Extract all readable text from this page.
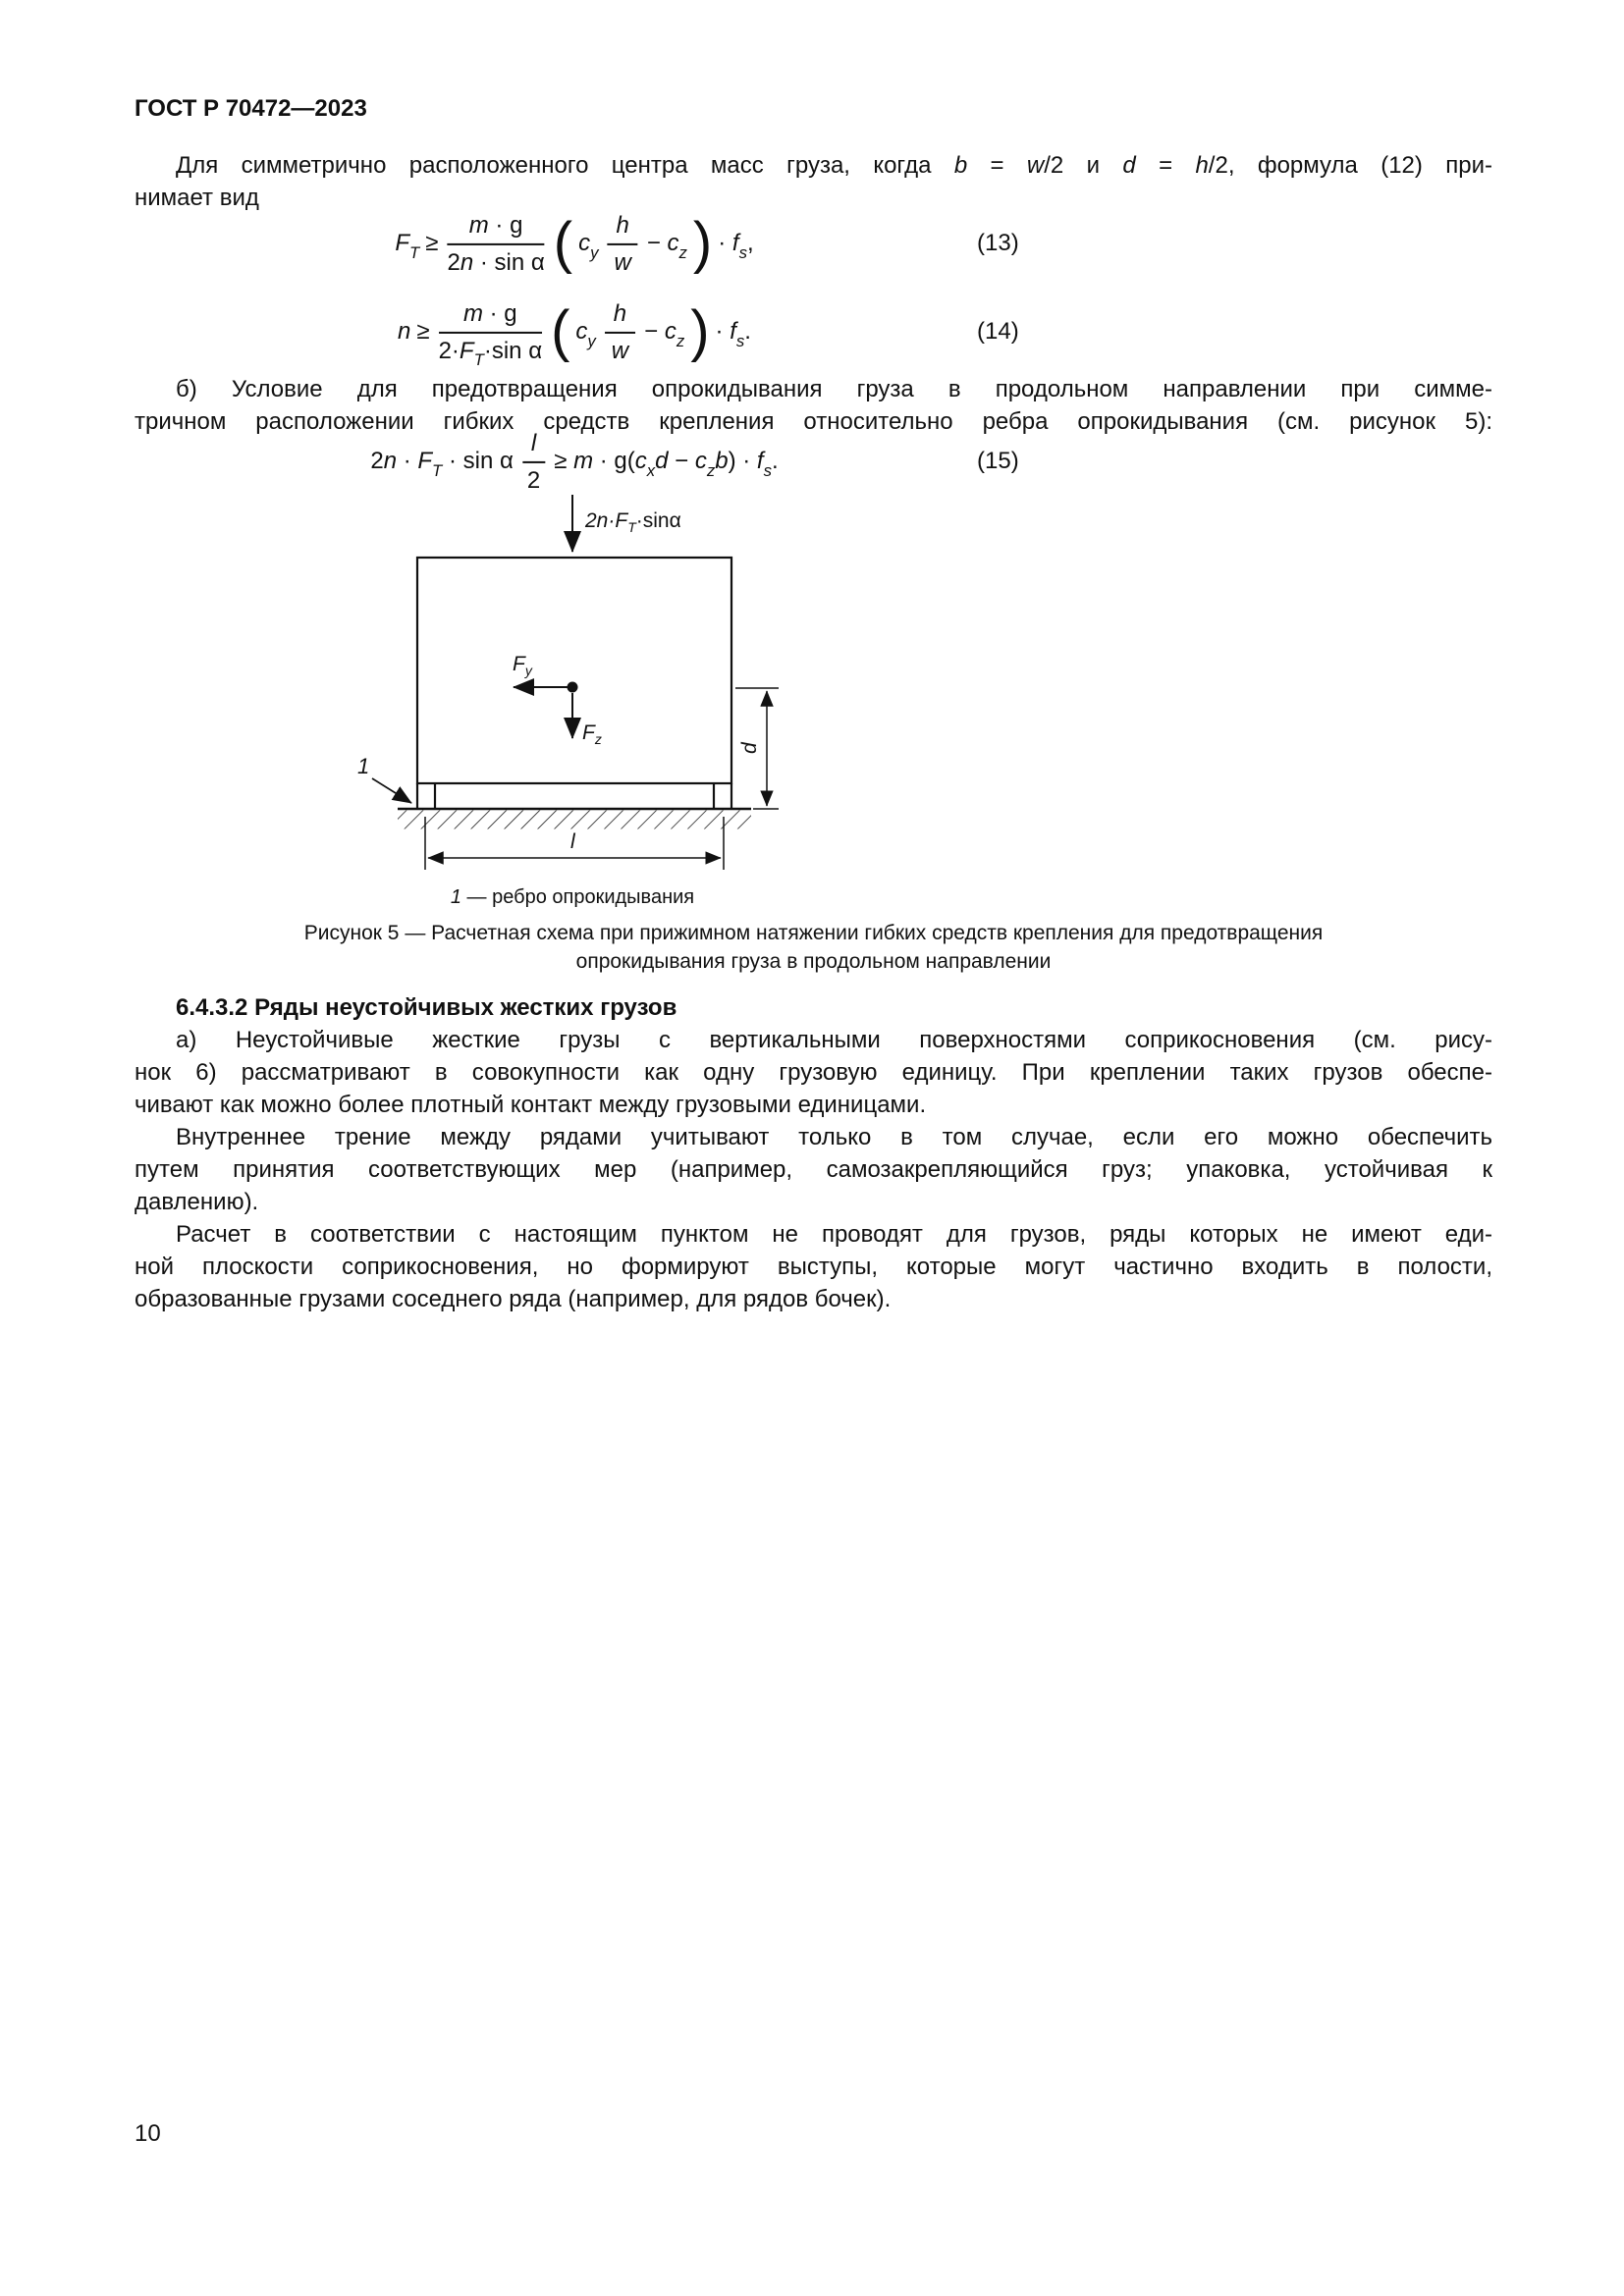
ГОСТ Р 70472—2023
Для симметрично расположенного центра масс груза, когда b = w/2 и d = h/2, формула (12) при-
нимает вид
$F_T \ge \frac{m \cdot g}{\text{2n · sin α}}$ ( $c_y \frac{h}{w} - c_z$ ) · $f_s$,	(13)
$n \ge \frac{m \cdot g}{2\cdot F_T\cdot\sin \alpha}$ ( $c_y \frac{h}{w} - c_z$ ) · $f_s$.	(14)
б) Условие для предотвращения опрокидывания груза в продольном направлении при симме-
тричном расположении гибких средств крепления относительно ребра опрокидывания (см. рисунок 5):
$2n \cdot F_T \cdot \sin \alpha \frac{l}{2} \ge m \cdot g(c_xd - c_zb) \cdot f_s$.	(15)
$2n\cdot F_T\cdot\sin\alpha$
$F_y$
$F_z$
1
d
l
1 — ребро опрокидывания
Рисунок 5 — Расчетная схема при прижимном натяжении гибких средств крепления для предотвращения
опрокидывания груза в продольном направлении
6.4.3.2 Ряды неустойчивых жестких грузов
а) Неустойчивые жесткие грузы с вертикальными поверхностями соприкосновения (см. рису-
нок 6) рассматривают в совокупности как одну грузовую единицу. При креплении таких грузов обеспе-
чивают как можно более плотный контакт между грузовыми единицами.
Внутреннее трение между рядами учитывают только в том случае, если его можно обеспечить
путем принятия соответствующих мер (например, самозакрепляющийся груз; упаковка, устойчивая к
давлению).
Расчет в соответствии с настоящим пунктом не проводят для грузов, ряды которых не имеют еди-
ной плоскости соприкосновения, но формируют выступы, которые могут частично входить в полости,
образованные грузами соседнего ряда (например, для рядов бочек).
10
